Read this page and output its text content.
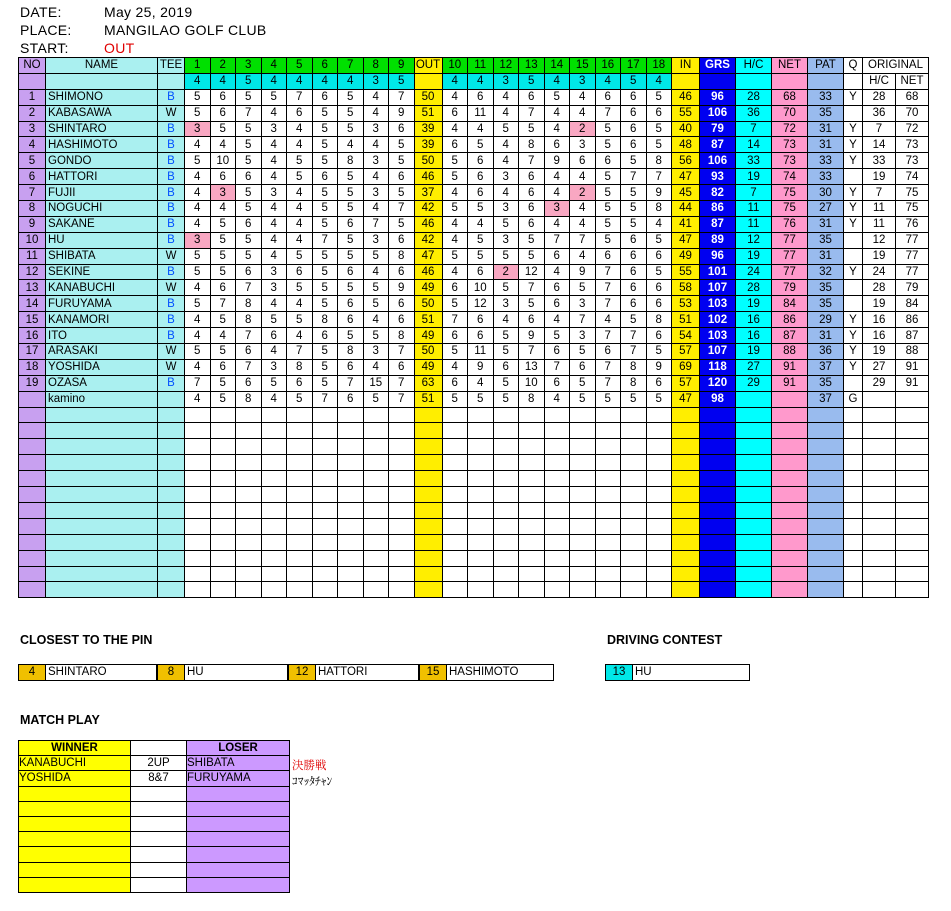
DATE:	May 25, 2019
PLACE: MANGILAO GOLF CLUB
START:	OUT
NO	NAME	TEE	1	2	3	4	5	6	7	8	9	OUT	10	11	12	13	14	15	16	17	18	IN	GRS	H/C	NET	PAT	Q	ORIGINAL	
			4	4	5	4	4	4	4	3	5		4	4	3	5	4	3	4	5	4							H/C	NET
1	SHIMONO	B	5	6	5	5	7	6	5	4	7	50	4	6	4	6	5	4	6	6	5	46	96	28	68	33	Y	28	68
2	KABASAWA	W	5	6	7	4	6	5	5	4	9	51	6	11	4	7	4	4	7	6	6	55	106	36	70	35		36	70
3	SHINTARO	B	3	5	5	3	4	5	5	3	6	39	4	4	5	5	4	2	5	6	5	40	79	7	72	31	Y	7	72
4	HASHIMOTO	B	4	4	5	4	4	5	4	4	5	39	6	5	4	8	6	3	5	6	5	48	87	14	73	31	Y	14	73
5	GONDO	B	5	10	5	4	5	5	8	3	5	50	5	6	4	7	9	6	6	5	8	56	106	33	73	33	Y	33	73
6	HATTORI	B	4	6	6	4	5	6	5	4	6	46	5	6	3	6	4	4	5	7	7	47	93	19	74	33		19	74
7	FUJII	B	4	3	5	3	4	5	5	3	5	37	4	6	4	6	4	2	5	5	9	45	82	7	75	30	Y	7	75
8	NOGUCHI	B	4	4	5	4	4	5	5	4	7	42	5	5	3	6	3	4	5	5	8	44	86	11	75	27	Y	11	75
9	SAKANE	B	4	5	6	4	4	5	6	7	5	46	4	4	5	6	4	4	5	5	4	41	87	11	76	31	Y	11	76
10	HU	B	3	5	5	4	4	7	5	3	6	42	4	5	3	5	7	7	5	6	5	47	89	12	77	35		12	77
11	SHIBATA	W	5	5	5	4	5	5	5	5	8	47	5	5	5	5	6	4	6	6	6	49	96	19	77	31		19	77
12	SEKINE	B	5	5	6	3	6	5	6	4	6	46	4	6	2	12	4	9	7	6	5	55	101	24	77	32	Y	24	77
13	KANABUCHI	W	4	6	7	3	5	5	5	5	9	49	6	10	5	7	6	5	7	6	6	58	107	28	79	35		28	79
14	FURUYAMA	B	5	7	8	4	4	5	6	5	6	50	5	12	3	5	6	3	7	6	6	53	103	19	84	35		19	84
15	KANAMORI	B	4	5	8	5	5	8	6	4	6	51	7	6	4	6	4	7	4	5	8	51	102	16	86	29	Y	16	86
16	ITO	B	4	4	7	6	4	6	5	5	8	49	6	6	5	9	5	3	7	7	6	54	103	16	87	31	Y	16	87
17	ARASAKI	W	5	5	6	4	7	5	8	3	7	50	5	11	5	7	6	5	6	7	5	57	107	19	88	36	Y	19	88
18	YOSHIDA	W	4	6	7	3	8	5	6	4	6	49	4	9	6	13	7	6	7	8	9	69	118	27	91	37	Y	27	91
19	OZASA	B	7	5	6	5	6	5	7	15	7	63	6	4	5	10	6	5	7	8	6	57	120	29	91	35		29	91
	kamino		4	5	8	4	5	7	6	5	7	51	5	5	5	8	4	5	5	5	5	47	98			37	G		

CLOSEST TO THE PIN	DRIVING CONTEST
4	SHINTARO	8	HU	12 HATTORI	15 HASHIMOTO	13 HU
MATCH PLAY
WINNER		LOSER
KANABUCHI	2UP	SHIBATA
YOSHIDA	8&7	FURUYAMA

決勝戦
ｺﾏｯﾀﾁｬﾝ
